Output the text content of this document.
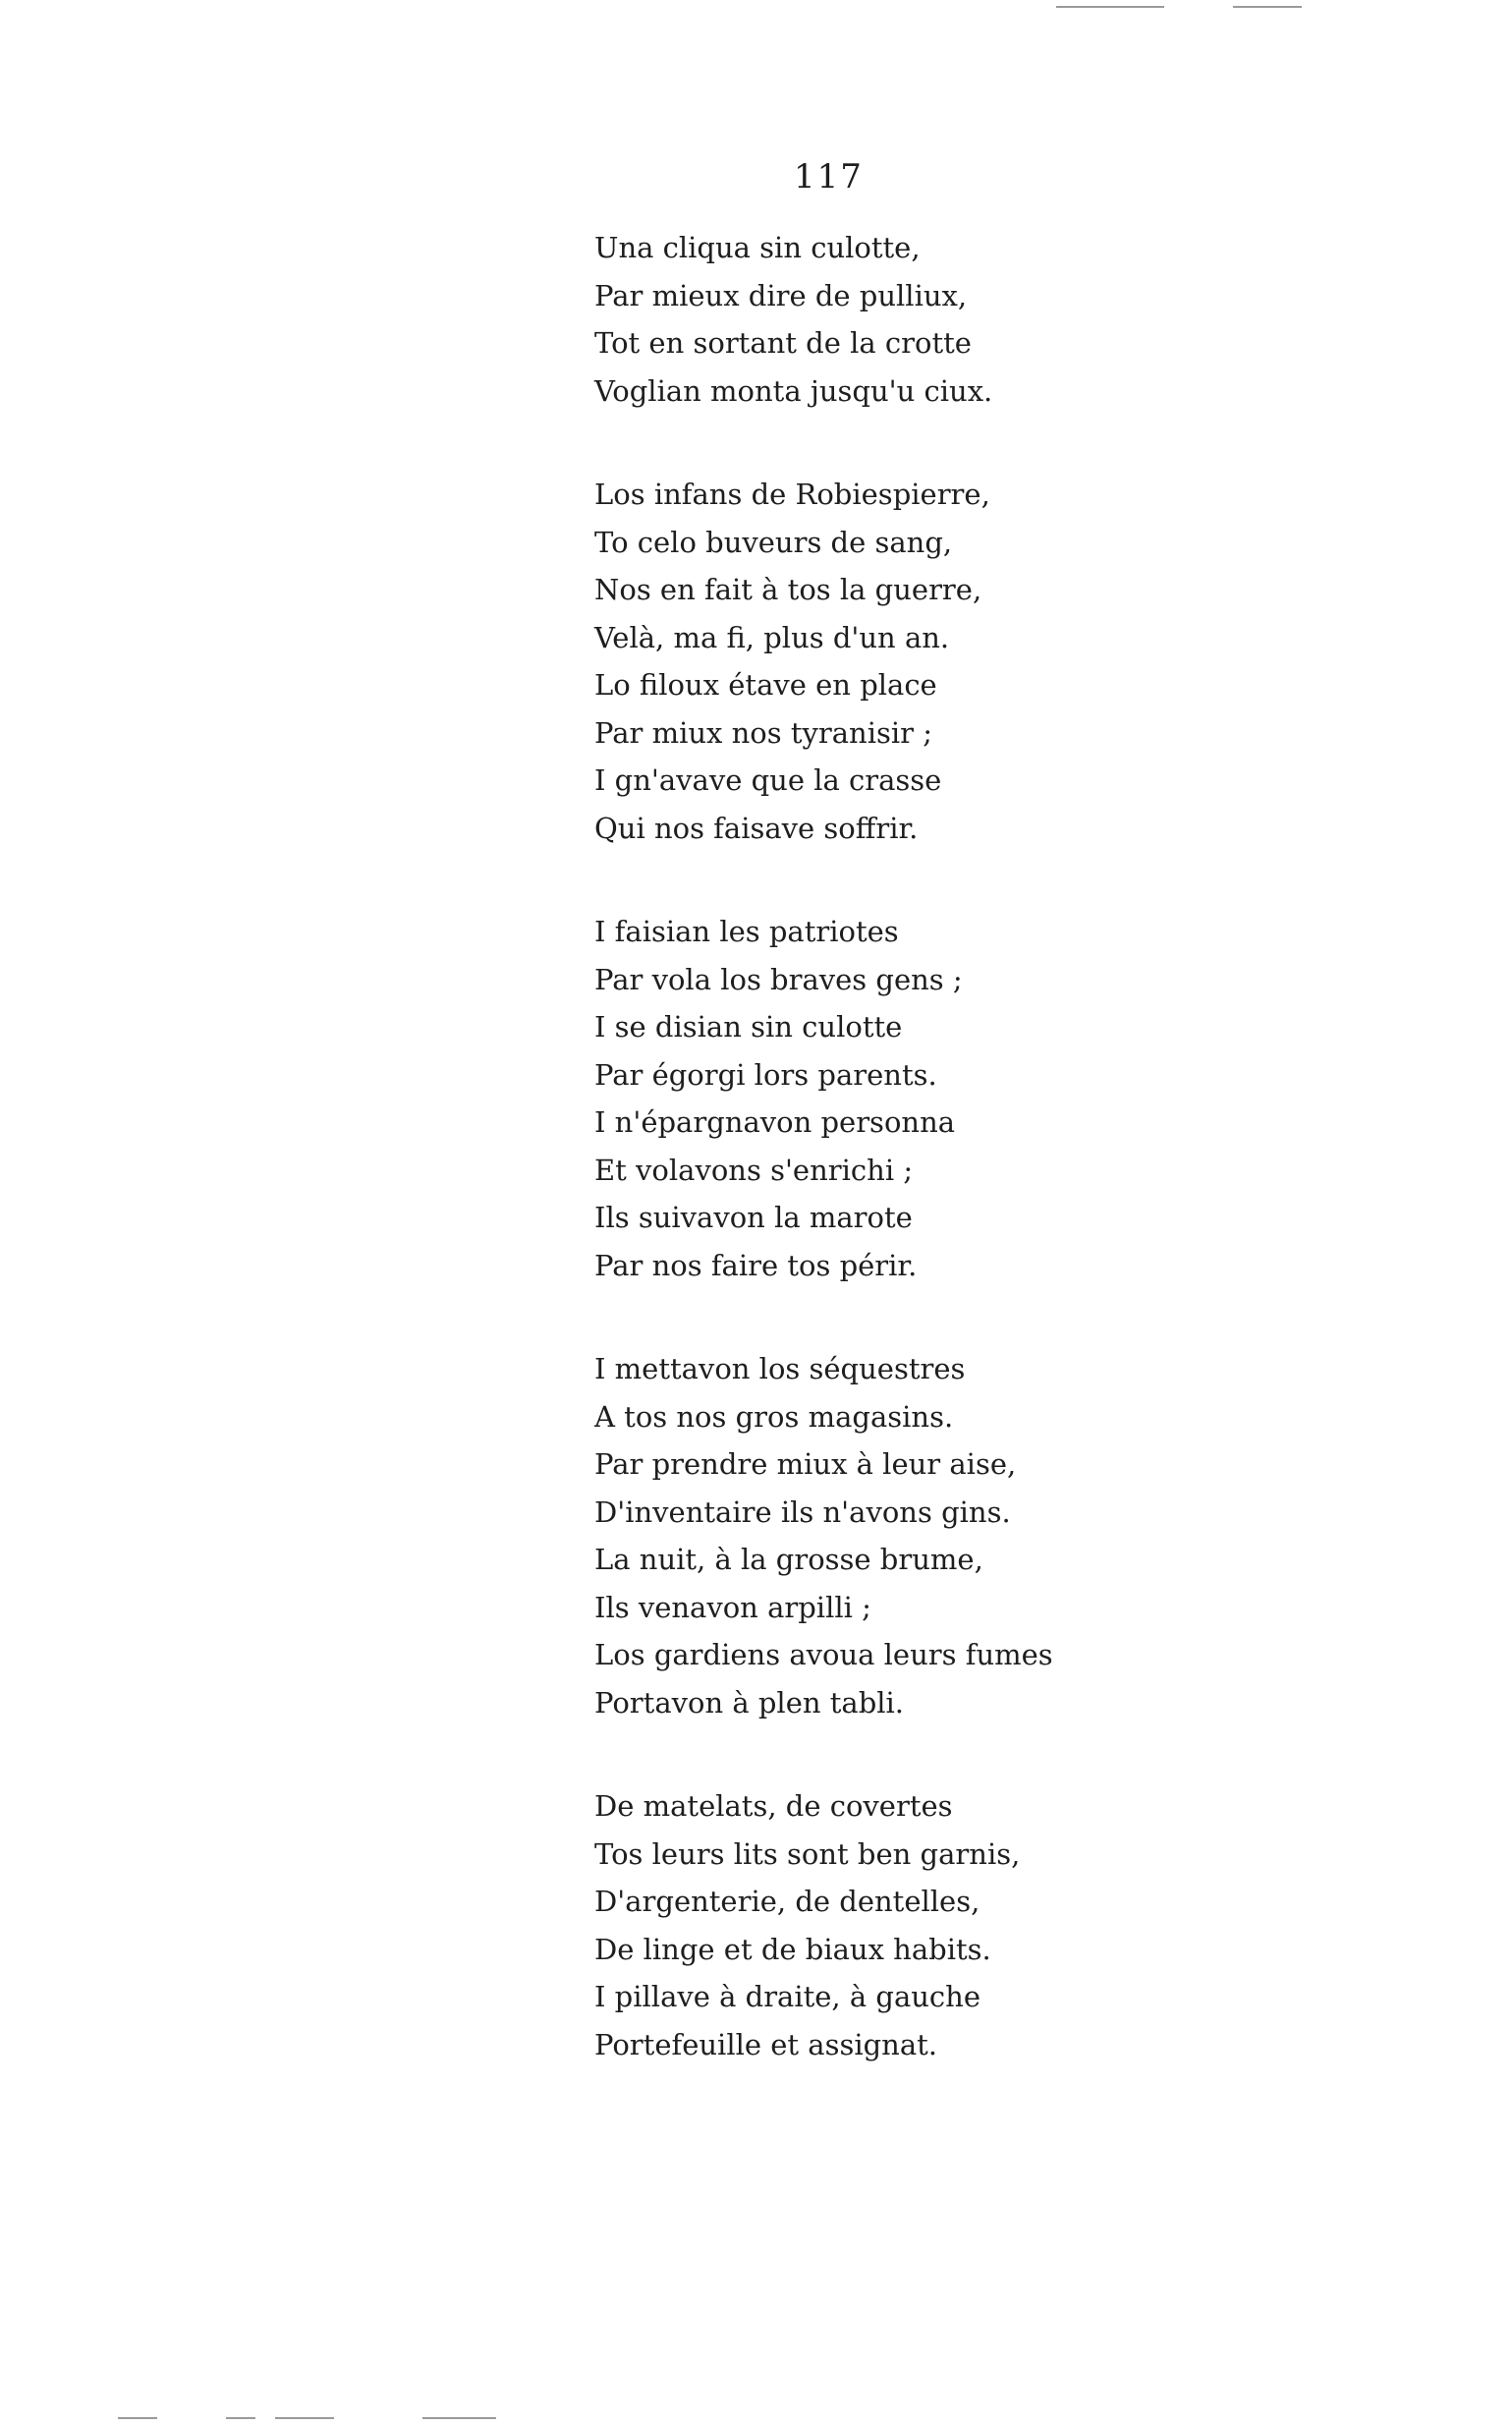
117
Una cliqua sin culotte,
Par mieux dire de pulliux,
Tot en sortant de la crotte
Voglian monta jusqu'u ciux.
Los infans de Robiespierre,
To celo buveurs de sang,
Nos en fait à tos la guerre,
Velà, ma fi, plus d'un an.
Lo filoux étave en place
Par miux nos tyranisir ;
I gn'avave que la crasse
Qui nos faisave soffrir.
I faisian les patriotes
Par vola los braves gens ;
I se disian sin culotte
Par égorgi lors parents.
I n'épargnavon personna
Et volavons s'enrichi ;
Ils suivavon la marote
Par nos faire tos périr.
I mettavon los séquestres
A tos nos gros magasins.
Par prendre miux à leur aise,
D'inventaire ils n'avons gins.
La nuit, à la grosse brume,
Ils venavon arpilli ;
Los gardiens avoua leurs fumes
Portavon à plen tabli.
De matelats, de covertes
Tos leurs lits sont ben garnis,
D'argenterie, de dentelles,
De linge et de biaux habits.
I pillave à draite, à gauche
Portefeuille et assignat.
